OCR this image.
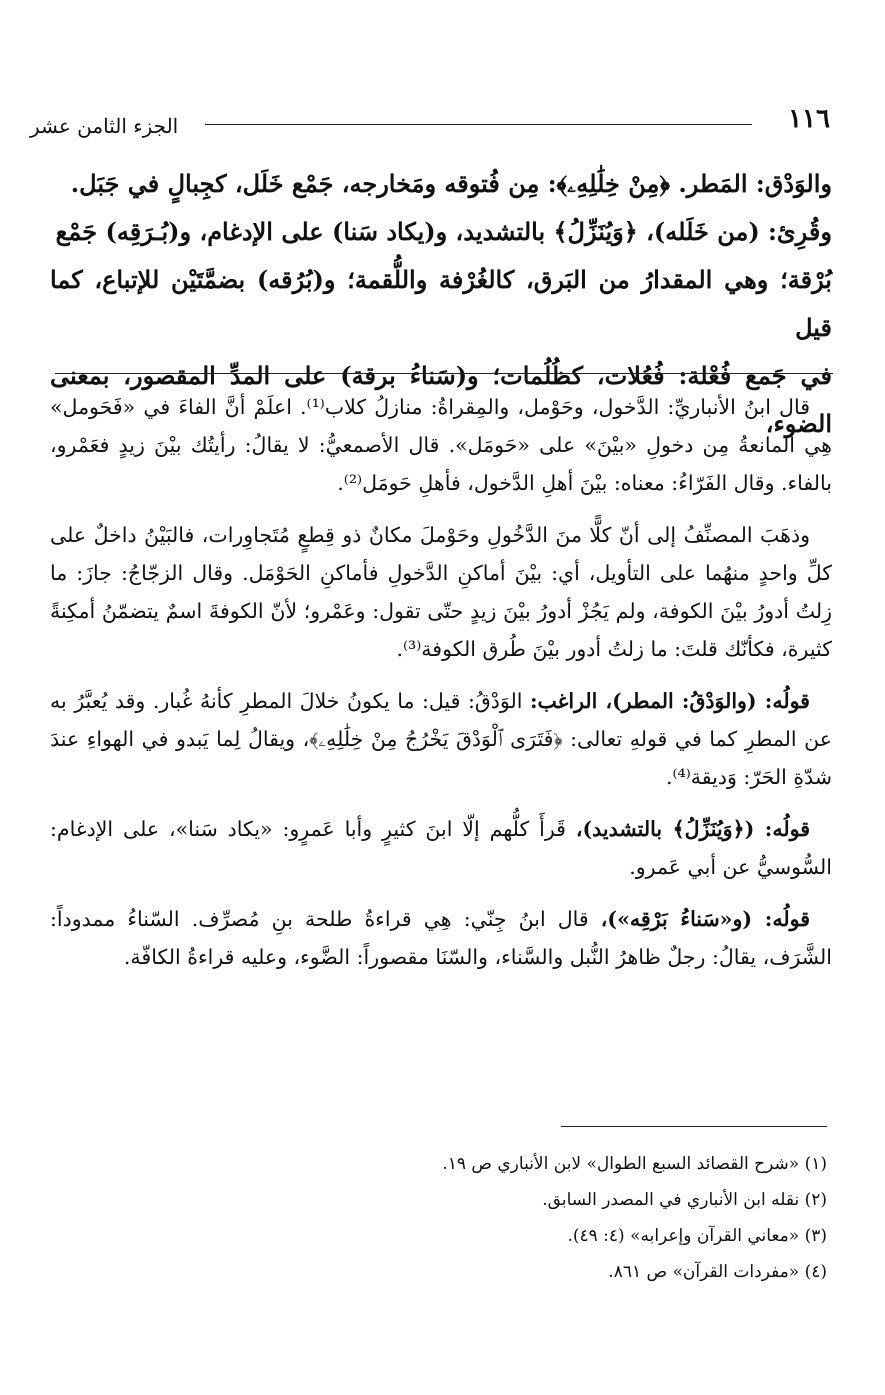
١١٦
الجزء الثامن عشر

والوَدْق: المَطر. ﴿مِنْ خِلَٰلِهِۦ﴾: مِن فُتوقه ومَخارجه، جَمْع خَلَل، كجِبالٍ في جَبَل.

وقُرِئ: (من خَلَله)، ﴿وَيُنَزِّلُ﴾ بالتشديد، و(يكاد سَنا) على الإدغام، و(بُـرَقِه) جَمْع

بُرْقة؛ وهي المقدارُ من البَرق، كالغُرْفة واللُّقمة؛ و(بُرُقه) بضمَّتَيْن للإتباع، كما قيل

في جَمع فُعْلة: فُعُلات، كظُلُمات؛ و(سَناءُ برقة) على المدِّ المقصور، بمعنى الضوء،

قال ابنُ الأنباريِّ: الدَّخول، وحَوْمل، والمِقراةُ: منازلُ كلاب⁽¹⁾. اعلَمْ أنَّ الفاءَ في «فَحَومل» هِي المانعةُ مِن دخولِ «بيْنَ» على «حَومَل». قال الأصمعيُّ: لا يقالُ: رأيتُك بيْنَ زيدٍ فعَمْرو، بالفاء. وقال الفَرّاءُ: معناه: بيْنَ أهلِ الدَّخول، فأهلِ حَومَل⁽²⁾.

وذهَبَ المصنِّفُ إلى أنّ كلًّا منَ الدَّخُولِ وحَوْملَ مكانٌ ذو قِطعٍ مُتَجاوِرات، فالبَيْنُ داخلٌ على كلِّ واحدٍ منهُما على التأويل، أي: بيْنَ أماكنِ الدَّخولِ فأماكنِ الحَوْمَل. وقال الزجّاجُ: جازَ: ما زِلتُ أدورُ بيْنَ الكوفة، ولم يَجُزْ أدورُ بيْنَ زيدٍ حتّى تقول: وعَمْرو؛ لأنّ الكوفةَ اسمٌ يتضمّنُ أمكِنةً كثيرة، فكأنّك قلتَ: ما زلتُ أدور بيْنَ طُرق الكوفة⁽³⁾.

قولُه: (والوَدْقُ: المطر)، الراغب: الوَدْقُ: قيل: ما يكونُ خلالَ المطرِ كأنهُ غُبار. وقد يُعبَّرُ به عن المطرِ كما في قولهِ تعالى: ﴿فَتَرَى ٱلْوَدْقَ يَخْرُجُ مِنْ خِلَٰلِهِۦ﴾، ويقالُ لِما يَبدو في الهواءِ عندَ شدّةِ الحَرّ: وَديقة⁽⁴⁾.

قولُه: (﴿وَيُنَزِّلُ﴾ بالتشديد)، قَرأَ كلُّهم إلّا ابنَ كثيرٍ وأبا عَمرٍو: «يكاد سَنا»، على الإدغام: السُّوسيُّ عن أبي عَمرو.

قولُه: (و«سَناءُ بَرْقِه»)، قال ابنُ جِنّي: هِي قراءةُ طلحة بنِ مُصرِّف. السّناءُ ممدوداً: الشَّرَف، يقالُ: رجلٌ ظاهرُ النُّبل والسَّناء، والسّنَا مقصوراً: الضَّوء، وعليه قراءةُ الكافّة.

(١) «شرح القصائد السبع الطوال» لابن الأنباري ص ١٩.
(٢) نقله ابن الأنباري في المصدر السابق.
(٣) «معاني القرآن وإعرابه» (٤: ٤٩).
(٤) «مفردات القرآن» ص ٨٦١.
